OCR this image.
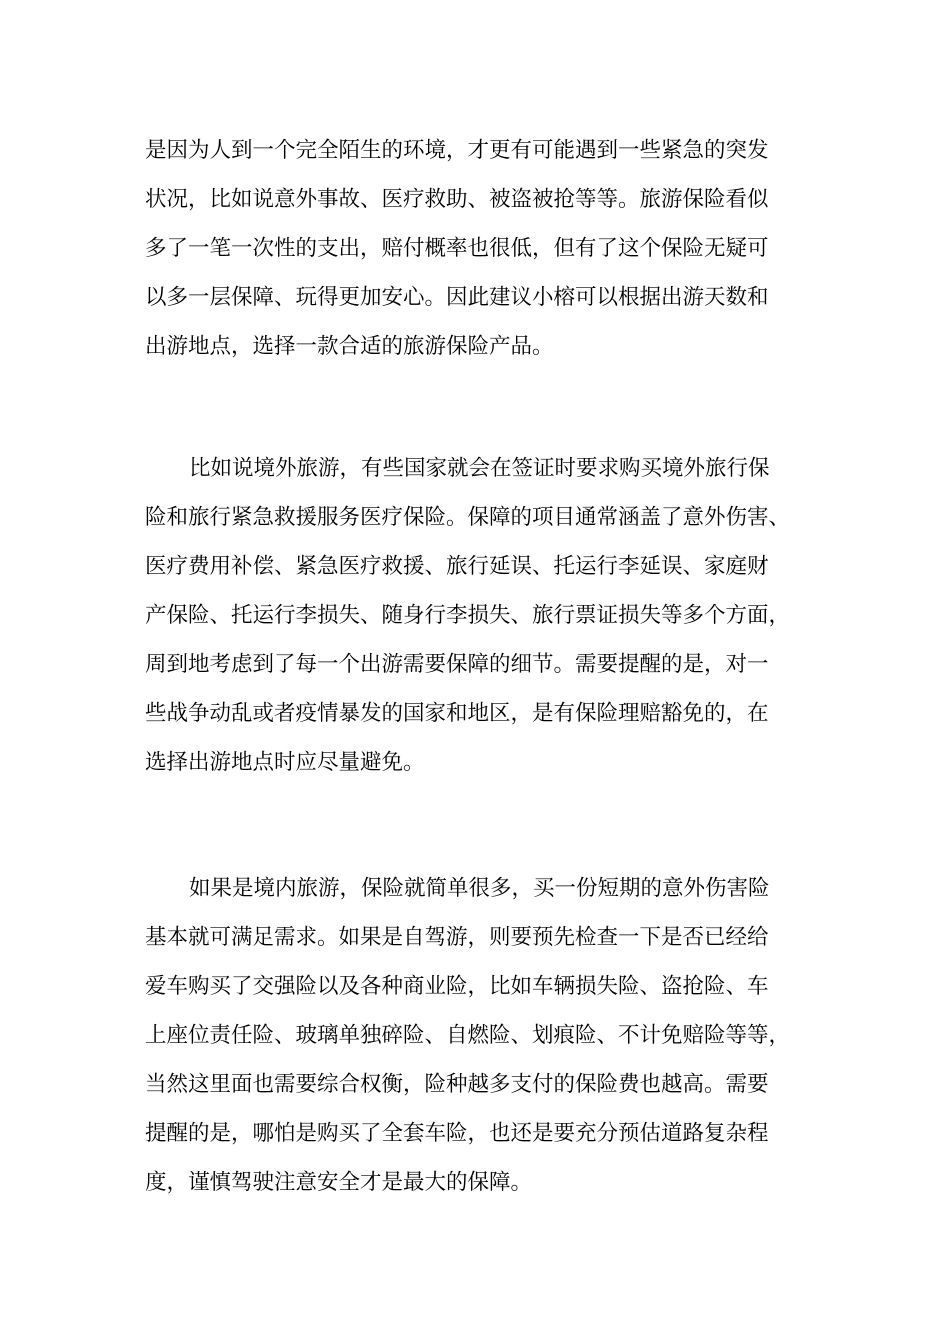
是因为人到一个完全陌生的环境，才更有可能遇到一些紧急的突发
状况，比如说意外事故、医疗救助、被盗被抢等等。旅游保险看似
多了一笔一次性的支出，赔付概率也很低，但有了这个保险无疑可
以多一层保障、玩得更加安心。因此建议小榕可以根据出游天数和
出游地点，选择一款合适的旅游保险产品。
比如说境外旅游，有些国家就会在签证时要求购买境外旅行保
险和旅行紧急救援服务医疗保险。保障的项目通常涵盖了意外伤害、
医疗费用补偿、紧急医疗救援、旅行延误、托运行李延误、家庭财
产保险、托运行李损失、随身行李损失、旅行票证损失等多个方面，
周到地考虑到了每一个出游需要保障的细节。需要提醒的是，对一
些战争动乱或者疫情暴发的国家和地区，是有保险理赔豁免的，在
选择出游地点时应尽量避免。
如果是境内旅游，保险就简单很多，买一份短期的意外伤害险
基本就可满足需求。如果是自驾游，则要预先检查一下是否已经给
爱车购买了交强险以及各种商业险，比如车辆损失险、盗抢险、车
上座位责任险、玻璃单独碎险、自燃险、划痕险、不计免赔险等等，
当然这里面也需要综合权衡，险种越多支付的保险费也越高。需要
提醒的是，哪怕是购买了全套车险，也还是要充分预估道路复杂程
度，谨慎驾驶注意安全才是最大的保障。
